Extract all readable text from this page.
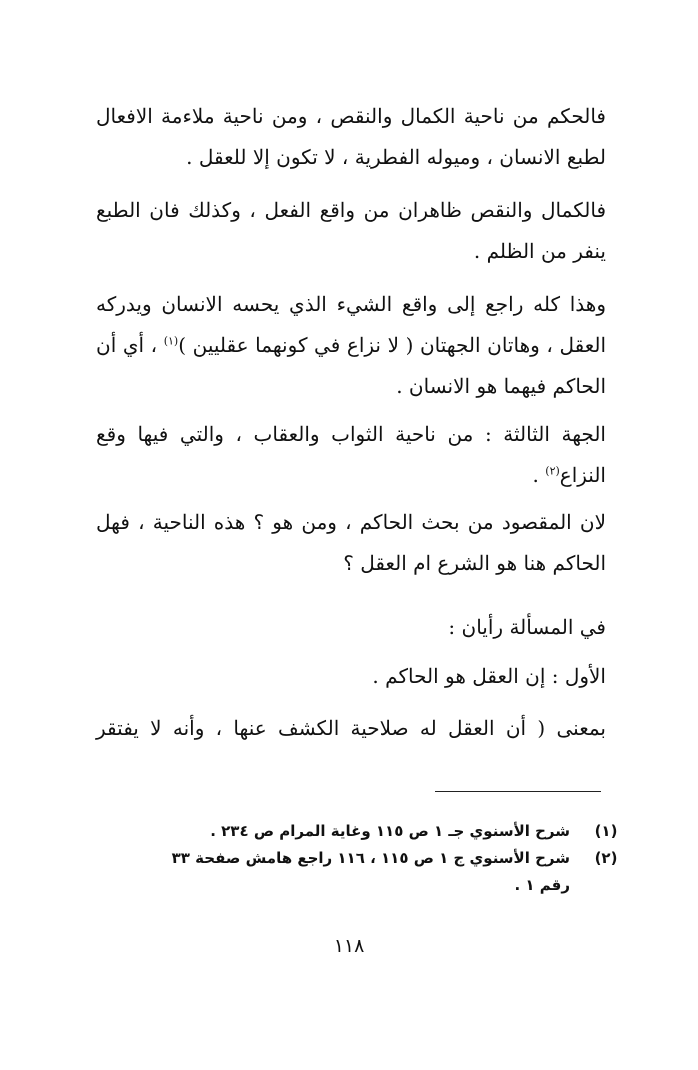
فالحكم من ناحية الكمال والنقص ، ومن ناحية ملاءمة الافعال
لطبع الانسان ، وميوله الفطرية ، لا تكون إلا للعقل .
فالكمال والنقص ظاهران من واقع الفعل ، وكذلك فان الطبع
ينفر من الظلم .
وهذا كله راجع إلى واقع الشيء الذي يحسه الانسان ويدركه
العقل ، وهاتان الجهتان ( لا نزاع في كونهما عقليين )$^{(١)}$ ، أي أن
الحاكم فيهما هو الانسان .
الجهة الثالثة : من ناحية الثواب والعقاب ، والتي فيها وقع
النزاع$^{(٢)}$ .
لان المقصود من بحث الحاكم ، ومن هو ؟ هذه الناحية ، فهل
الحاكم هنا هو الشرع ام العقل ؟
في المسألة رأيان :
الأول : إن العقل هو الحاكم .
بمعنى ( أن العقل له صلاحية الكشف عنها ، وأنه لا يفتقر
(١)
شرح الأسنوي جـ ١ ص ١١٥ وغاية المرام ص ٢٣٤ .
(٢)
شرح الأسنوي ج ١ ص ١١٥ ، ١١٦ راجع هامش صفحة ٣٣
رقم ١ .
١١٨
